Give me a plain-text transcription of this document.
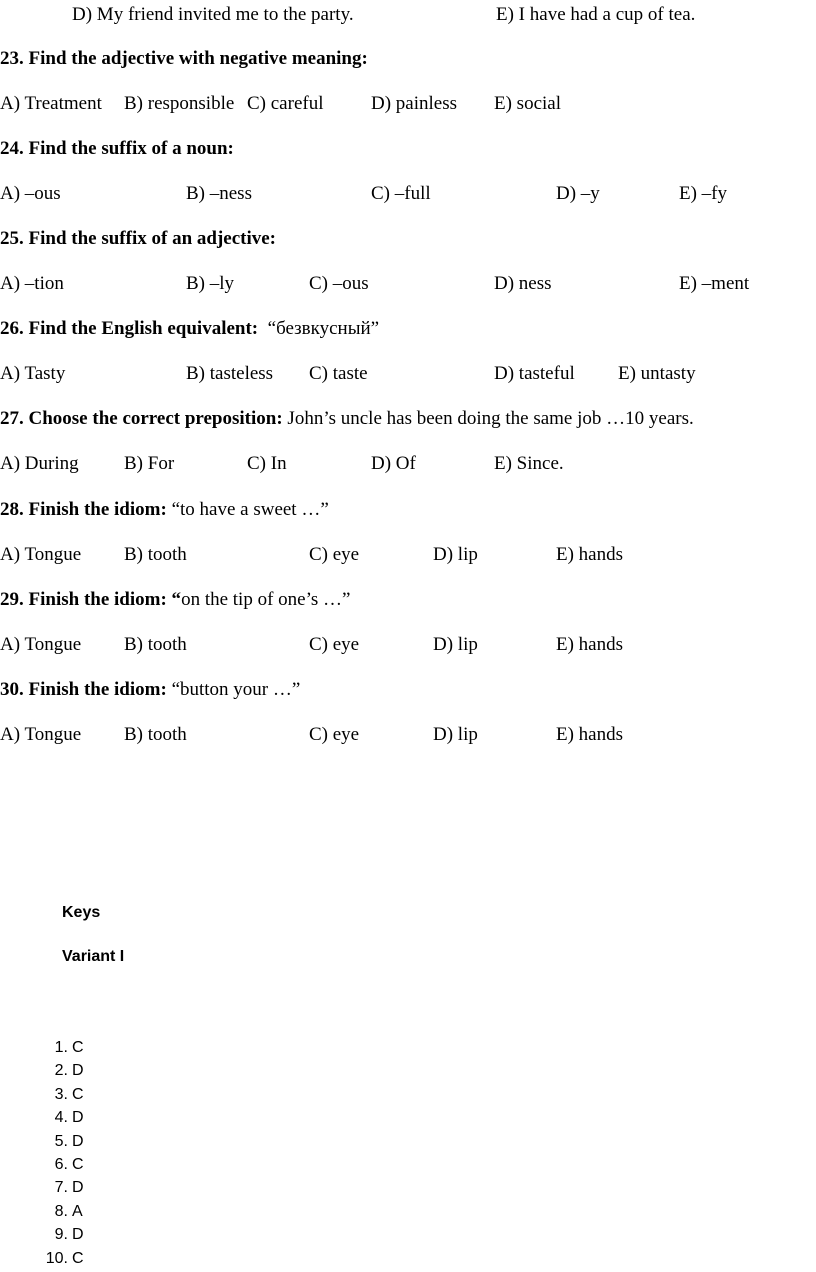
D) My friend invited me to the party.	E) I have had a cup of tea.
23. Find the adjective with negative meaning:
A) Treatment B) responsible C) careful	D) painless E) social
24. Find the suffix of a noun:
A) –ous	B) –ness	C) –full	D) –y	E) –fy
25. Find the suffix of an adjective:
A) –tion	B) –ly	C) –ous	D) ness	E) –ment
26. Find the English equivalent: “безвкусный”
A) Tasty	B) tasteless C) taste	D) tasteful E) untasty
27. Choose the correct preposition: John’s uncle has been doing the same job …10 years.
A) During B) For	C) In	D) Of	E) Since.
28. Finish the idiom: “to have a sweet …”
A) Tongue B) tooth	C) eye	D) lip	E) hands
29. Finish the idiom: “on the tip of one’s …”
A) Tongue B) tooth	C) eye	D) lip	E) hands
30. Finish the idiom: “button your …”
A) Tongue B) tooth	C) eye	D) lip	E) hands
Keys
Variant I
1. C
2. D
3. C
4. D
5. D
6. C
7. D
8. A
9. D
10. C
